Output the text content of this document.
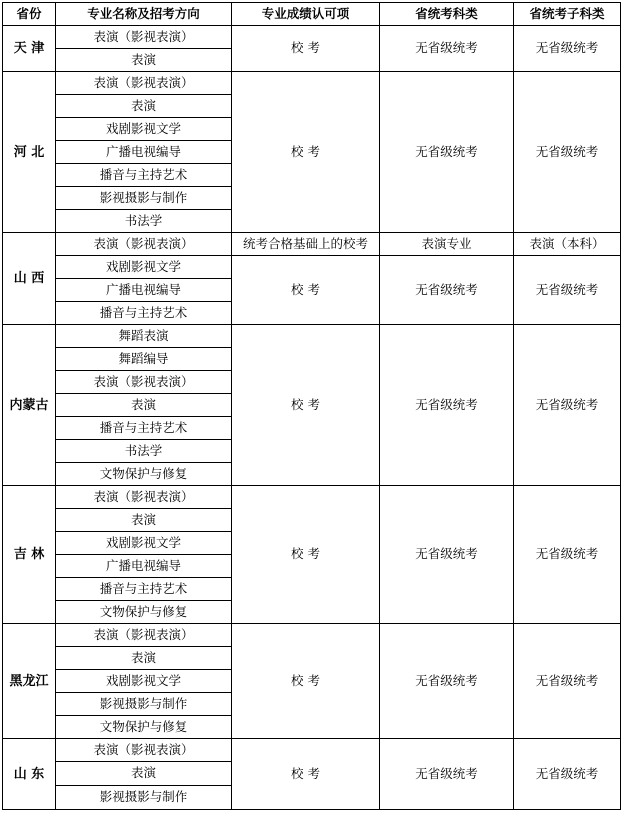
省份	专业名称及招考方向	专业成绩认可项	省统考科类	省统考子科类
天 津	表演（影视表演）	校 考	无省级统考	无省级统考
	表演			
河 北	表演（影视表演）	校 考	无省级统考	无省级统考
	表演			
	戏剧影视文学			
	广播电视编导			
	播音与主持艺术			
	影视摄影与制作			
	书法学			
山 西	表演（影视表演）	统考合格基础上的校考	表演专业	表演（本科）
	戏剧影视文学	校 考	无省级统考	无省级统考
	广播电视编导			
	播音与主持艺术			
内蒙古	舞蹈表演	校 考	无省级统考	无省级统考
	舞蹈编导			
	表演（影视表演）			
	表演			
	播音与主持艺术			
	书法学			
	文物保护与修复			
吉 林	表演（影视表演）	校 考	无省级统考	无省级统考
	表演			
	戏剧影视文学			
	广播电视编导			
	播音与主持艺术			
	文物保护与修复			
黑龙江	表演（影视表演）	校 考	无省级统考	无省级统考
	表演			
	戏剧影视文学			
	影视摄影与制作			
	文物保护与修复			
山 东	表演（影视表演）	校 考	无省级统考	无省级统考
	表演			
	影视摄影与制作			
